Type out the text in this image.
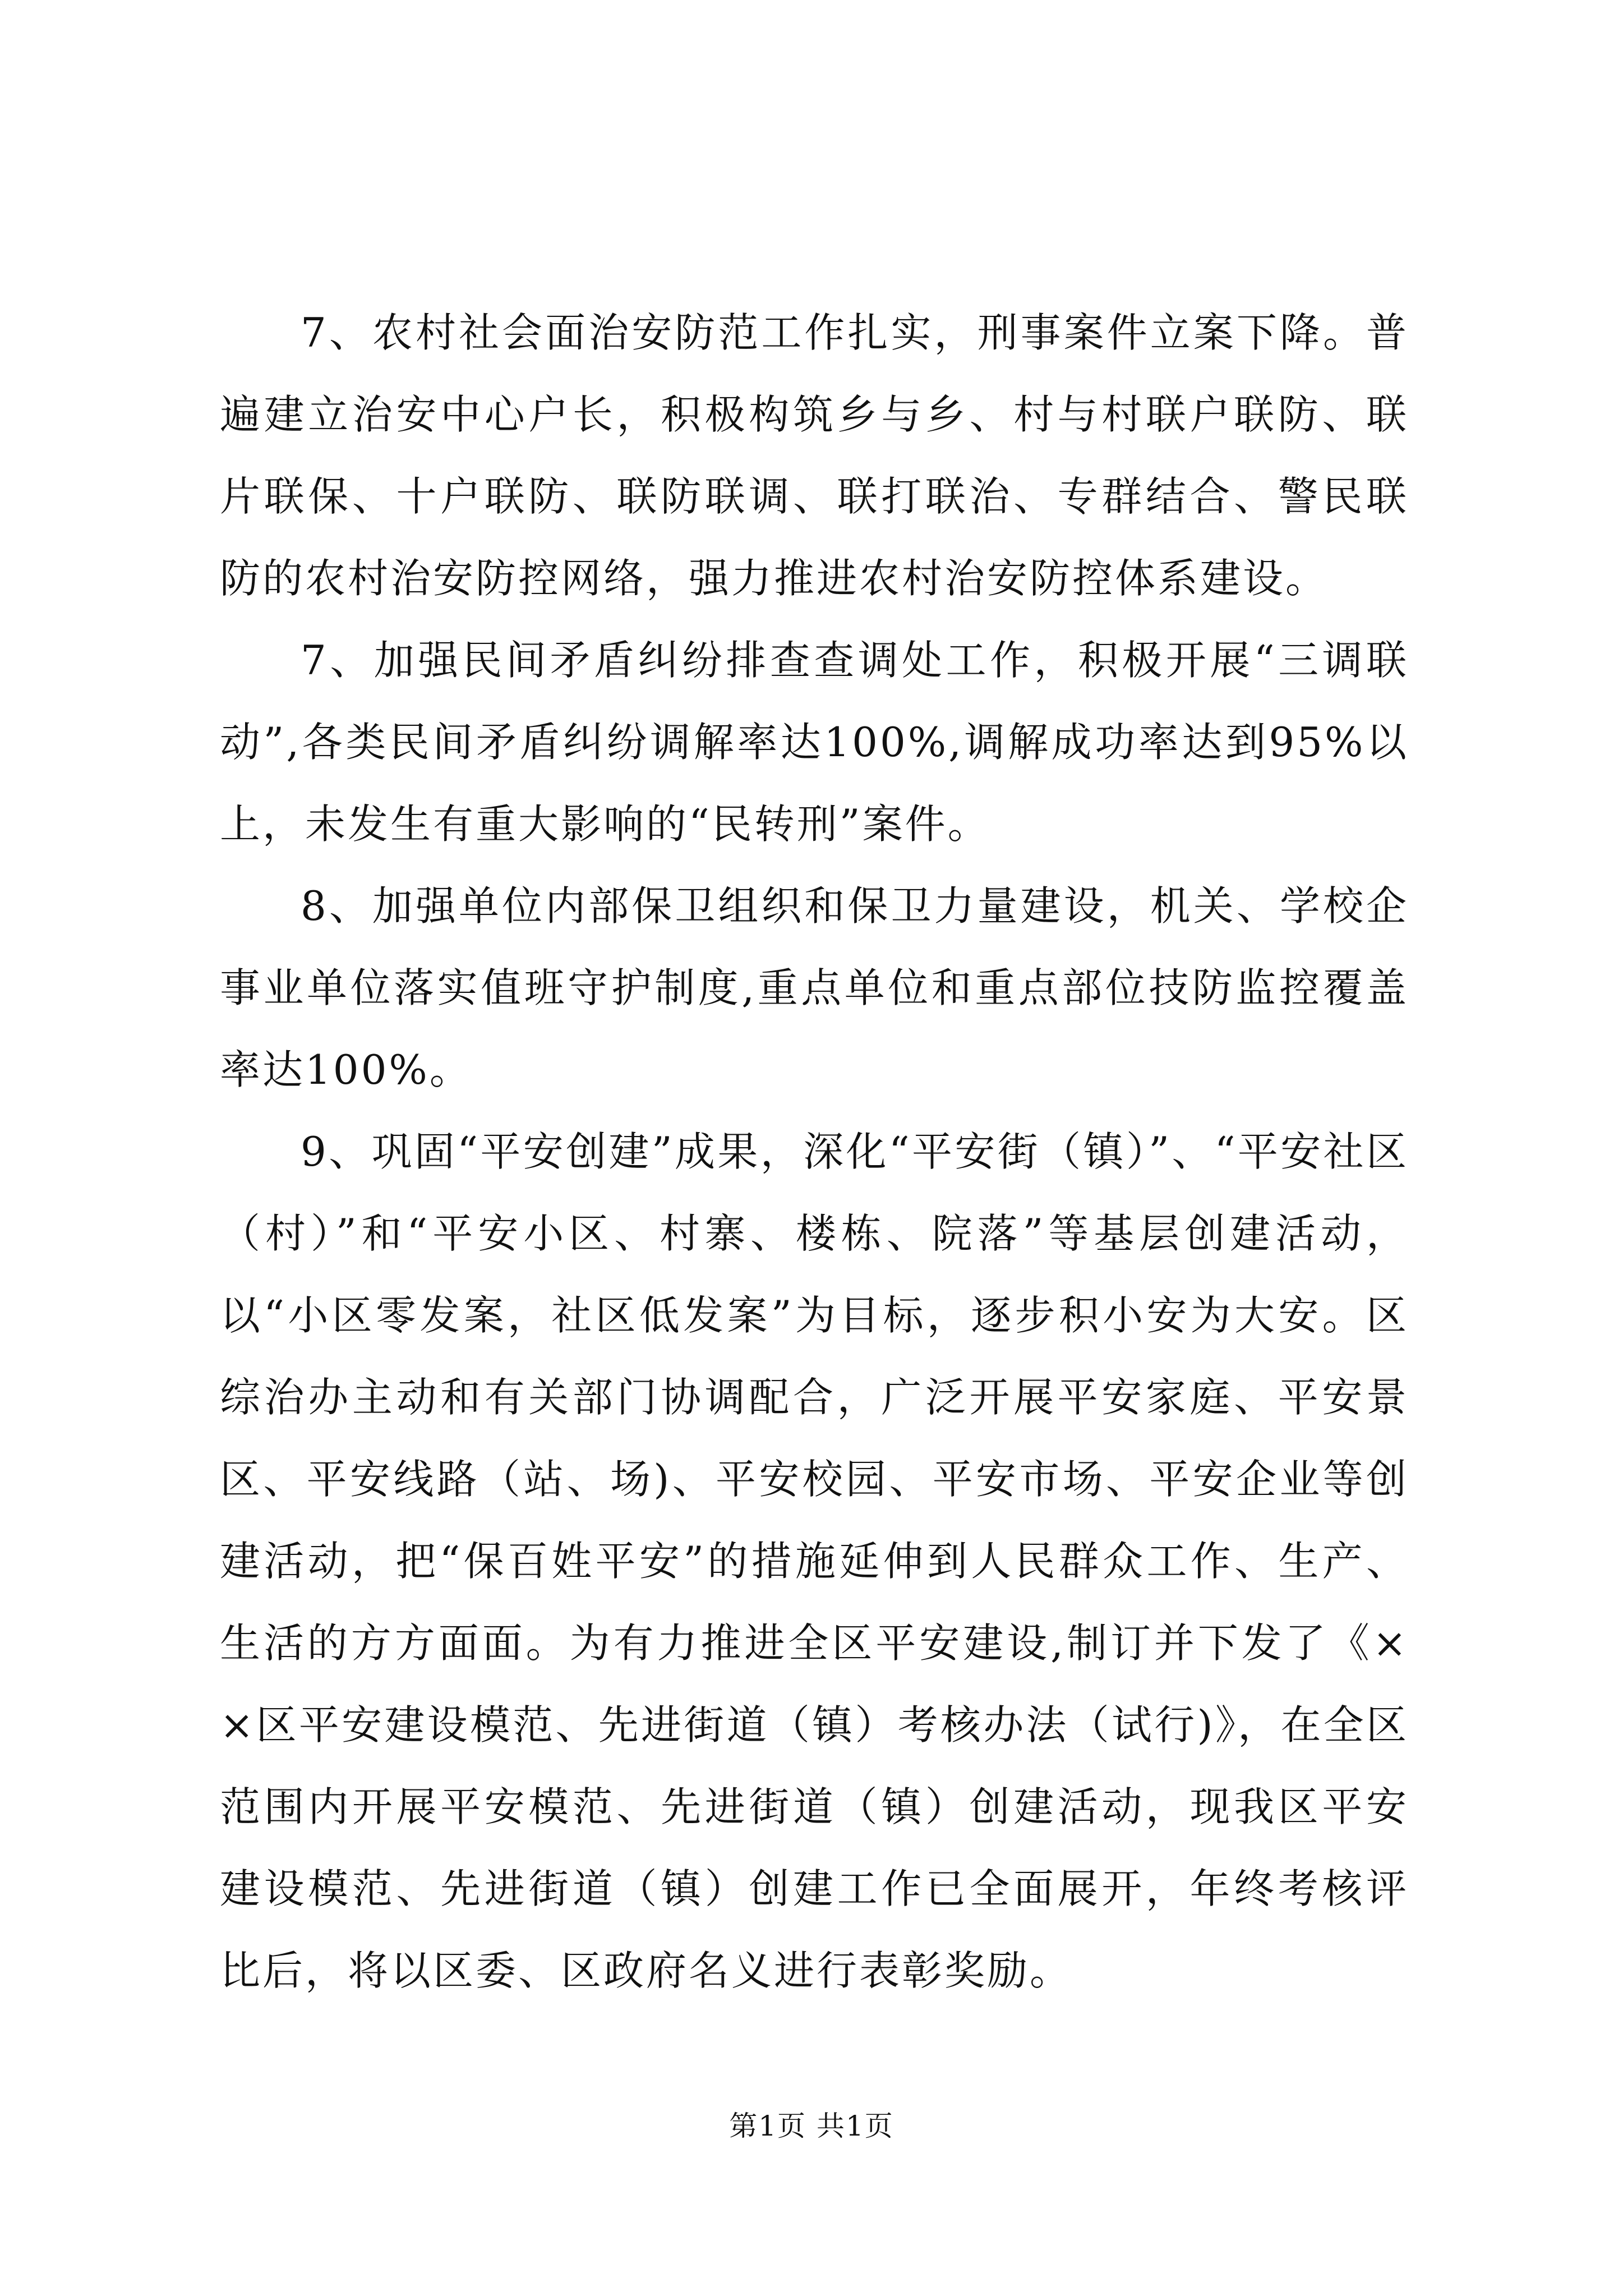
7、农村社会面治安防范工作扎实，刑事案件立案下降。普遍建立治安中心户长，积极构筑乡与乡、村与村联户联防、联片联保、十户联防、联防联调、联打联治、专群结合、警民联防的农村治安防控网络，强力推进农村治安防控体系建设。

7、加强民间矛盾纠纷排查查调处工作，积极开展“三调联动”,各类民间矛盾纠纷调解率达100%,调解成功率达到95%以上，未发生有重大影响的“民转刑”案件。

8、加强单位内部保卫组织和保卫力量建设，机关、学校企事业单位落实值班守护制度,重点单位和重点部位技防监控覆盖率达100%。

9、巩固“平安创建”成果，深化“平安街（镇）”、“平安社区（村）”和“平安小区、村寨、楼栋、院落”等基层创建活动，以“小区零发案，社区低发案”为目标，逐步积小安为大安。区综治办主动和有关部门协调配合，广泛开展平安家庭、平安景区、平安线路（站、场)、平安校园、平安市场、平安企业等创建活动，把“保百姓平安”的措施延伸到人民群众工作、生产、生活的方方面面。为有力推进全区平安建设,制订并下发了《××区平安建设模范、先进街道（镇）考核办法（试行)》，在全区范围内开展平安模范、先进街道（镇）创建活动，现我区平安建设模范、先进街道（镇）创建工作已全面展开，年终考核评比后，将以区委、区政府名义进行表彰奖励。

第1页 共1页
